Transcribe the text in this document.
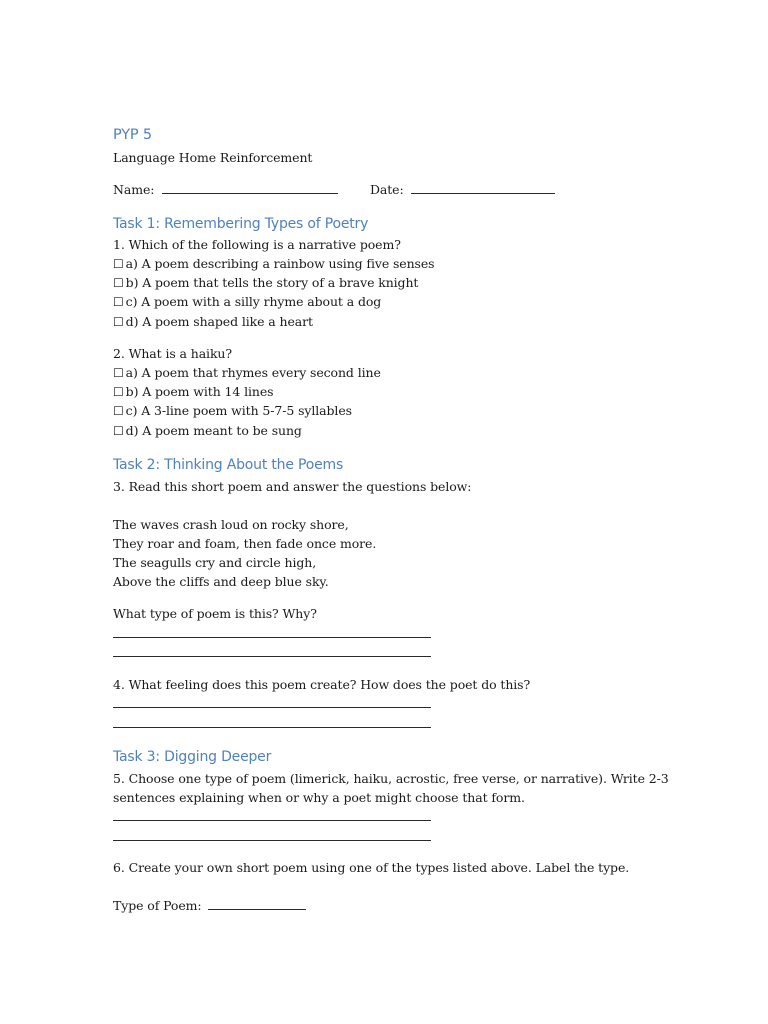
PYP 5
Language Home Reinforcement
Name:	Date:
Task 1: Remembering Types of Poetry
1. Which of the following is a narrative poem?
☐ a) A poem describing a rainbow using five senses
☐ b) A poem that tells the story of a brave knight
☐ c) A poem with a silly rhyme about a dog
☐ d) A poem shaped like a heart
2. What is a haiku?
☐ a) A poem that rhymes every second line
☐ b) A poem with 14 lines
☐ c) A 3-line poem with 5-7-5 syllables
☐ d) A poem meant to be sung
Task 2: Thinking About the Poems
3. Read this short poem and answer the questions below:
The waves crash loud on rocky shore,
They roar and foam, then fade once more.
The seagulls cry and circle high,
Above the cliffs and deep blue sky.
What type of poem is this? Why?
4. What feeling does this poem create? How does the poet do this?
Task 3: Digging Deeper
5. Choose one type of poem (limerick, haiku, acrostic, free verse, or narrative). Write 2-3
sentences explaining when or why a poet might choose that form.
6. Create your own short poem using one of the types listed above. Label the type.
Type of Poem:
